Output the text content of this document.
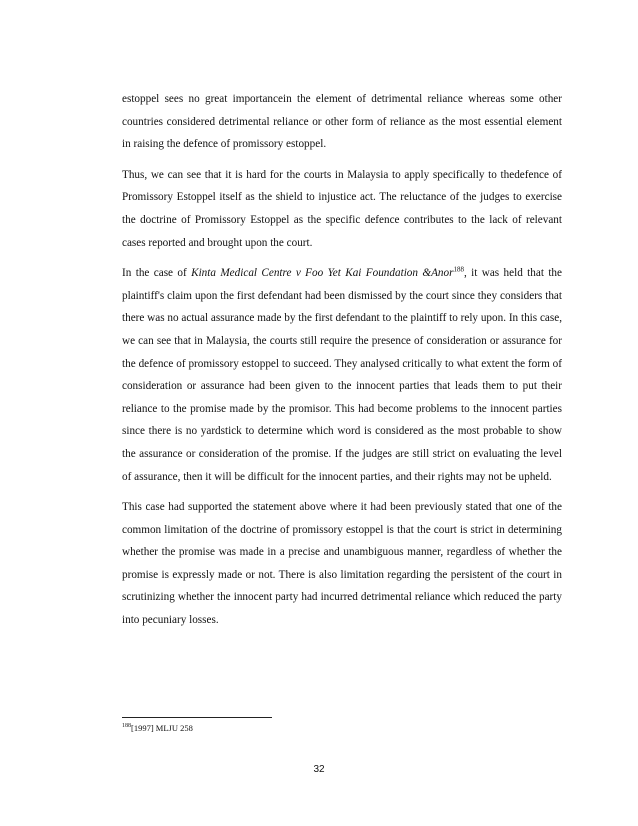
estoppel sees no great importancein the element of detrimental reliance whereas some other countries considered detrimental reliance or other form of reliance as the most essential element in raising the defence of promissory estoppel.

Thus, we can see that it is hard for the courts in Malaysia to apply specifically to thedefence of Promissory Estoppel itself as the shield to injustice act. The reluctance of the judges to exercise the doctrine of Promissory Estoppel as the specific defence contributes to the lack of relevant cases reported and brought upon the court.

In the case of Kinta Medical Centre v Foo Yet Kai Foundation &Anor$^{188}$, it was held that the plaintiff's claim upon the first defendant had been dismissed by the court since they considers that there was no actual assurance made by the first defendant to the plaintiff to rely upon. In this case, we can see that in Malaysia, the courts still require the presence of consideration or assurance for the defence of promissory estoppel to succeed. They analysed critically to what extent the form of consideration or assurance had been given to the innocent parties that leads them to put their reliance to the promise made by the promisor. This had become problems to the innocent parties since there is no yardstick to determine which word is considered as the most probable to show the assurance or consideration of the promise. If the judges are still strict on evaluating the level of assurance, then it will be difficult for the innocent parties, and their rights may not be upheld.

This case had supported the statement above where it had been previously stated that one of the common limitation of the doctrine of promissory estoppel is that the court is strict in determining whether the promise was made in a precise and unambiguous manner, regardless of whether the promise is expressly made or not. There is also limitation regarding the persistent of the court in scrutinizing whether the innocent party had incurred detrimental reliance which reduced the party into pecuniary losses.

$^{188}$[1997] MLJU 258
32
